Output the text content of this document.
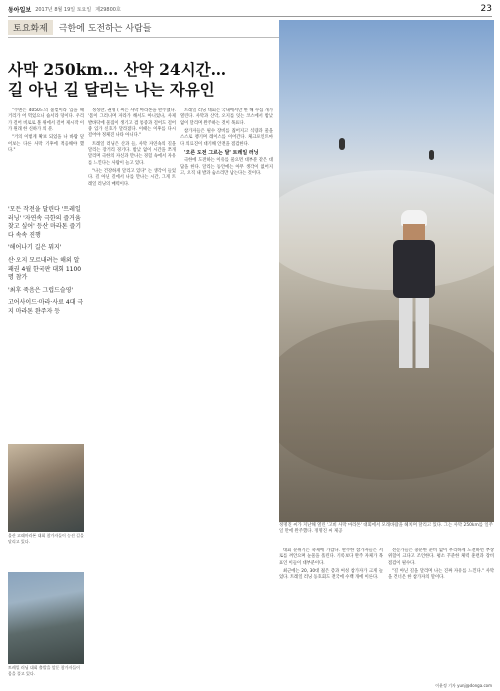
동아일보 2017년 8월 19일 토요일 제29800호	23
토요화제	극한에 도전하는 사람들
사막 250km… 산악 24시간…
길 아닌 길 달리는 나는 자유인
정명진 씨가 지난해 열린 '고비 사막 마라톤' 대회에서 모래바람을 헤치며 달리고 있다. 그는 사막 250km를 일주일 만에 완주했다. 정명진 씨 제공

"주변은 4050도의 불볕이라 입을 때 거리가 어 먹었으니 습서라 덩이다. 우리가 걸어 비로로 볼 위에서 걸어 제시작 이가 원래 한 신하가 의 분.

"거의 이렇게 확보 되었을 나 바람 덮어보는 다른 사막 기후에 적응해야 했다."

'모든 작전을 달린다 '트레일 러닝' '자연속 극한의 즐거움 찾고 싶어' 등산 마라톤 즐기다 속속 진행
'해어나기 길은 뭐지'
산·오지 모르내려는 해외 알패권 4월 한국판 대회 1100명 참가
'최후 죽음은 그럽드슬영'
고어사이드·마라·사료 4대 극지 마라톤 완주자 등

정성란, 권영 ( 씨는 사막 마라톤을 완주했다. '몸이 그러니며 자라가 해서도 아니었나, 사제 발바닥에 물집이 생기고 겹 통증과 걸어도 걸어 중 입가 신호가 달라졌다. 이때는 이후를 다시 걸어야 정체진 나타 아니다."

트레일 러닝은 산과 들, 사막 자연속의 길을 달리는 장거리 경기다. 밤낮 없이 시간을 쪼개 달리며 극한의 자신과 만나는 경험 속에서 자유를 느낀다는 사람이 늘고 있다.

"나는 건강하게 달리고 있다" 는 생각이 들었다. 길 아닌 길에서 나를 만나는 시간, 그게 트레일 러닝의 매력이다.

트레일 러닝 대회는 국내에서만 한 해 수십 개가 열린다. 사막과 산악, 오지를 잇는 코스에서 밤낮 없이 달리며 완주하는 것이 목표다.

참가자들은 필수 장비를 짊어지고 식량과 물을 스스로 챙기며 레이스를 이어간다. 체크포인트마다 의료진이 대기해 안전을 점검한다.

'오른 도전 그르는 달' 트레일 러닝

극한에 도전하는 이유를 물으면 대부분 같은 대답을 한다. 달리는 동안에는 아무 생각이 없어지고, 오직 내 발과 숨소리만 남는다는 것이다.

울산 고래마라톤 대회 참가자들이 능선 길을 달리고 있다.
트레일 러닝 대회 출발을 앞둔 참가자들이 몸을 풀고 있다.

대회 분위기는 축제에 가깝다. 완주한 참가자들은 서로를 껴안으며 눈물을 흘린다. 기록보다 완주 자체가 목표인 이들이 대부분이다.

최근에는 20, 30대 젊은 층과 여성 참가자가 크게 늘었다. 트레일 러닝 동호회도 전국에 수백 개에 이른다.

전문가들은 충분한 준비 없이 무리하게 도전하면 부상 위험이 크다고 조언한다. 평소 꾸준한 체력 훈련과 장비 점검이 필수다.

"길 아닌 길을 달리며 나는 진짜 자유를 느낀다." 사막을 건너온 한 참가자의 말이다.

이윤정 기자 yunj@donga.com
